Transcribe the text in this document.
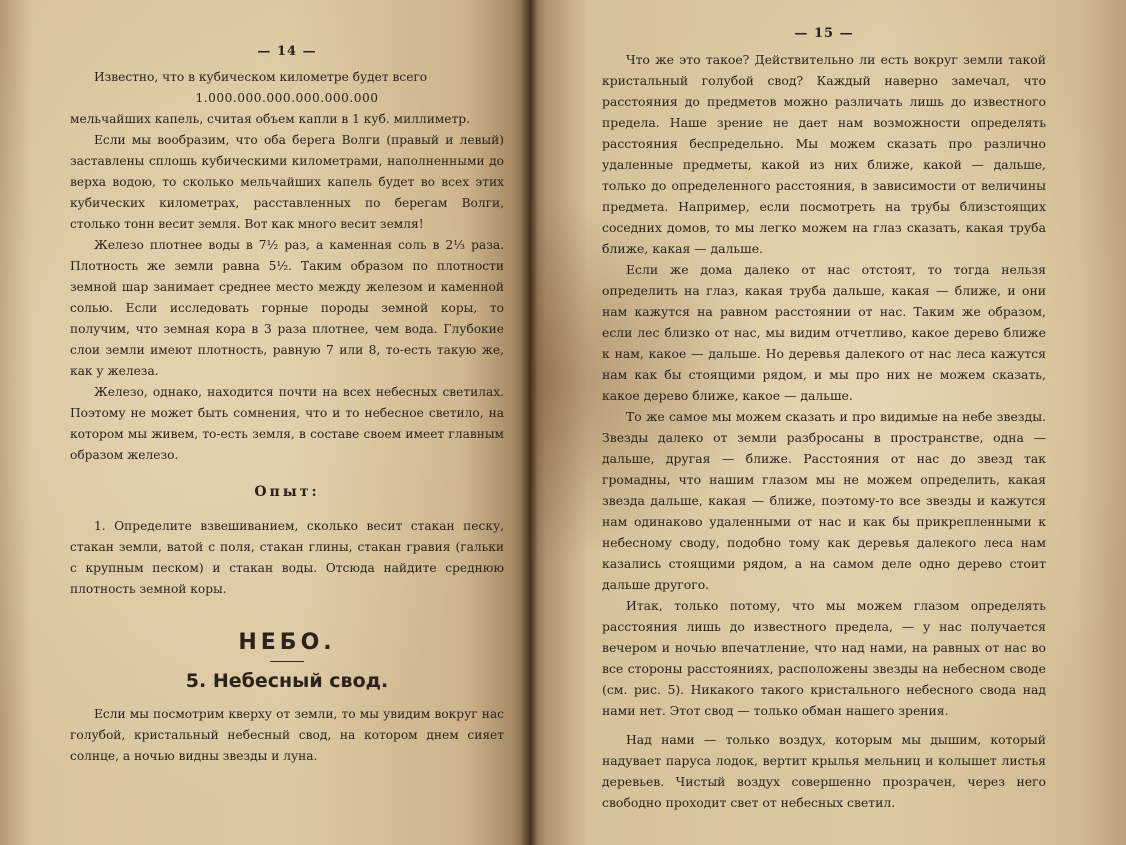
— 14 —

Известно, что в кубическом километре будет всего

1.000.000.000.000.000.000

мельчайших капель, считая объем капли в 1 куб. миллиметр.

Если мы вообразим, что оба берега Волги (правый и левый) заставлены сплошь кубическими километрами, наполненными до верха водою, то сколько мельчайших капель будет во всех этих кубических километрах, расставленных по берегам Волги, столько тонн весит земля. Вот как много весит земля!

Железо плотнее воды в 7½ раз, а каменная соль в 2⅓ раза. Плотность же земли равна 5½. Таким образом по плотности земной шар занимает среднее место между железом и каменной солью. Если исследовать горные породы земной коры, то получим, что земная кора в 3 раза плотнее, чем вода. Глубокие слои земли имеют плотность, равную 7 или 8, то-есть такую же, как у железа.

Железо, однако, находится почти на всех небесных светилах. Поэтому не может быть сомнения, что и то небесное светило, на котором мы живем, то-есть земля, в составе своем имеет главным образом железо.

Опыт:

1. Определите взвешиванием, сколько весит стакан песку, стакан земли, ватой с поля, стакан глины, стакан гравия (гальки с крупным песком) и стакан воды. Отсюда найдите среднюю плотность земной коры.

НЕБО.
5. Небесный свод.

Если мы посмотрим кверху от земли, то мы увидим вокруг нас голубой, кристальный небесный свод, на котором днем сияет солнце, а ночью видны звезды и луна.

— 15 —

Что же это такое? Действительно ли есть вокруг земли такой кристальный голубой свод? Каждый наверно замечал, что расстояния до предметов можно различать лишь до известного предела. Наше зрение не дает нам возможности определять расстояния беспредельно. Мы можем сказать про различно удаленные предметы, какой из них ближе, какой — дальше, только до определенного расстояния, в зависимости от величины предмета. Например, если посмотреть на трубы близстоящих соседних домов, то мы легко можем на глаз сказать, какая труба ближе, какая — дальше.

Если же дома далеко от нас отстоят, то тогда нельзя определить на глаз, какая труба дальше, какая — ближе, и они нам кажутся на равном расстоянии от нас. Таким же образом, если лес близко от нас, мы видим отчетливо, какое дерево ближе к нам, какое — дальше. Но деревья далекого от нас леса кажутся нам как бы стоящими рядом, и мы про них не можем сказать, какое дерево ближе, какое — дальше.

То же самое мы можем сказать и про видимые на небе звезды. Звезды далеко от земли разбросаны в пространстве, одна — дальше, другая — ближе. Расстояния от нас до звезд так громадны, что нашим глазом мы не можем определить, какая звезда дальше, какая — ближе, поэтому-то все звезды и кажутся нам одинаково удаленными от нас и как бы прикрепленными к небесному своду, подобно тому как деревья далекого леса нам казались стоящими рядом, а на самом деле одно дерево стоит дальше другого.

Итак, только потому, что мы можем глазом определять расстояния лишь до известного предела, — у нас получается вечером и ночью впечатление, что над нами, на равных от нас во все стороны расстояниях, расположены звезды на небесном своде (см. рис. 5). Никакого такого кристального небесного свода над нами нет. Этот свод — только обман нашего зрения.

Над нами — только воздух, которым мы дышим, который надувает паруса лодок, вертит крылья мельниц и колышет листья деревьев. Чистый воздух совершенно прозрачен, через него свободно проходит свет от небесных светил.
